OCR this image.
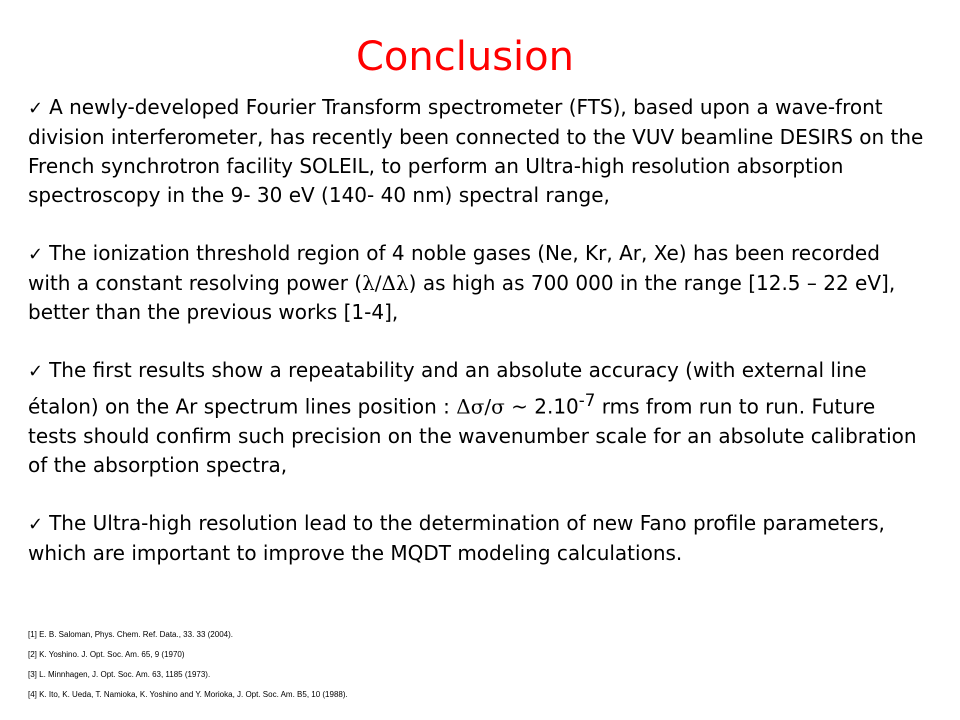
Conclusion
✓ A newly-developed Fourier Transform spectrometer (FTS), based upon a wave-front division interferometer, has recently been connected to the VUV beamline DESIRS on the French synchrotron facility SOLEIL, to perform an Ultra-high resolution absorption spectroscopy in the 9- 30 eV (140- 40 nm) spectral range,
✓ The ionization threshold region of 4 noble gases (Ne, Kr, Ar, Xe) has been recorded with a constant resolving power (λ/Δλ) as high as 700 000 in the range [12.5 – 22 eV], better than the previous works [1-4],
✓ The first results show a repeatability and an absolute accuracy (with external line étalon) on the Ar spectrum lines position : Δσ/σ ~ $2.10^{-7}$ rms from run to run. Future tests should confirm such precision on the wavenumber scale for an absolute calibration of the absorption spectra,
✓ The Ultra-high resolution lead to the determination of new Fano profile parameters, which are important to improve the MQDT modeling calculations.
[1] E. B. Saloman, Phys. Chem. Ref. Data., 33. 33 (2004).
[2] K. Yoshino. J. Opt. Soc. Am. 65, 9 (1970)
[3] L. Minnhagen, J. Opt. Soc. Am. 63, 1185 (1973).
[4] K. Ito, K. Ueda, T. Namioka, K. Yoshino and Y. Morioka, J. Opt. Soc. Am. B5, 10 (1988).
